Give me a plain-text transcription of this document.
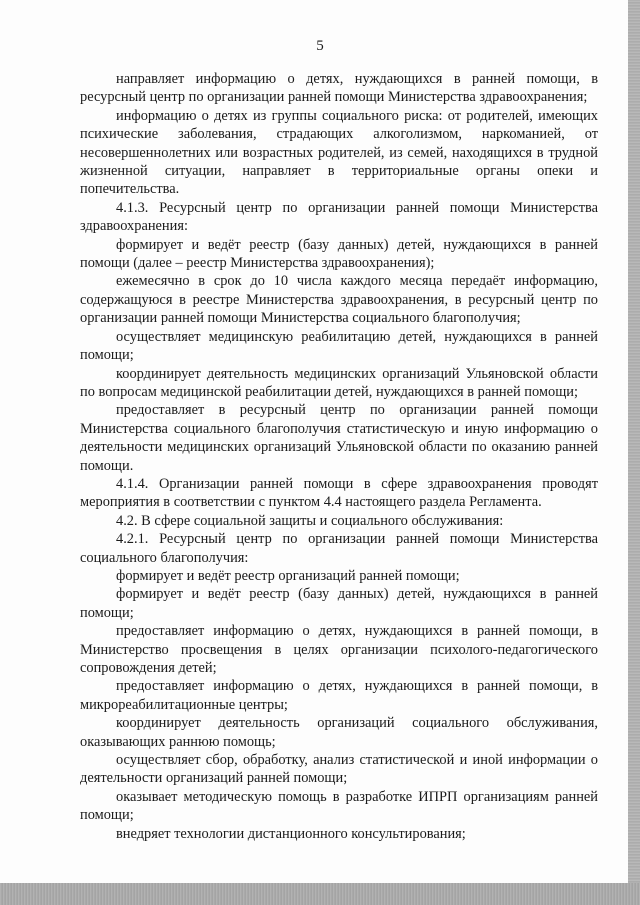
5

направляет информацию о детях, нуждающихся в ранней помощи, в ресурсный центр по организации ранней помощи Министерства здравоохранения;

информацию о детях из группы социального риска: от родителей, имеющих психические заболевания, страдающих алкоголизмом, наркоманией, от несовершеннолетних или возрастных родителей, из семей, находящихся в трудной жизненной ситуации, направляет в территориальные органы опеки и попечительства.

4.1.3. Ресурсный центр по организации ранней помощи Министерства здравоохранения:

формирует и ведёт реестр (базу данных) детей, нуждающихся в ранней помощи (далее – реестр Министерства здравоохранения);

ежемесячно в срок до 10 числа каждого месяца передаёт информацию, содержащуюся в реестре Министерства здравоохранения, в ресурсный центр по организации ранней помощи Министерства социального благополучия;

осуществляет медицинскую реабилитацию детей, нуждающихся в ранней помощи;

координирует деятельность медицинских организаций Ульяновской области по вопросам медицинской реабилитации детей, нуждающихся в ранней помощи;

предоставляет в ресурсный центр по организации ранней помощи Министерства социального благополучия статистическую и иную информацию о деятельности медицинских организаций Ульяновской области по оказанию ранней помощи.

4.1.4. Организации ранней помощи в сфере здравоохранения проводят мероприятия в соответствии с пунктом 4.4 настоящего раздела Регламента.

4.2. В сфере социальной защиты и социального обслуживания:

4.2.1. Ресурсный центр по организации ранней помощи Министерства социального благополучия:

формирует и ведёт реестр организаций ранней помощи;

формирует и ведёт реестр (базу данных) детей, нуждающихся в ранней помощи;

предоставляет информацию о детях, нуждающихся в ранней помощи, в Министерство просвещения в целях организации психолого-педагогического сопровождения детей;

предоставляет информацию о детях, нуждающихся в ранней помощи, в микрореабилитационные центры;

координирует деятельность организаций социального обслуживания, оказывающих раннюю помощь;

осуществляет сбор, обработку, анализ статистической и иной информации о деятельности организаций ранней помощи;

оказывает методическую помощь в разработке ИПРП организациям ранней помощи;

внедряет технологии дистанционного консультирования;
